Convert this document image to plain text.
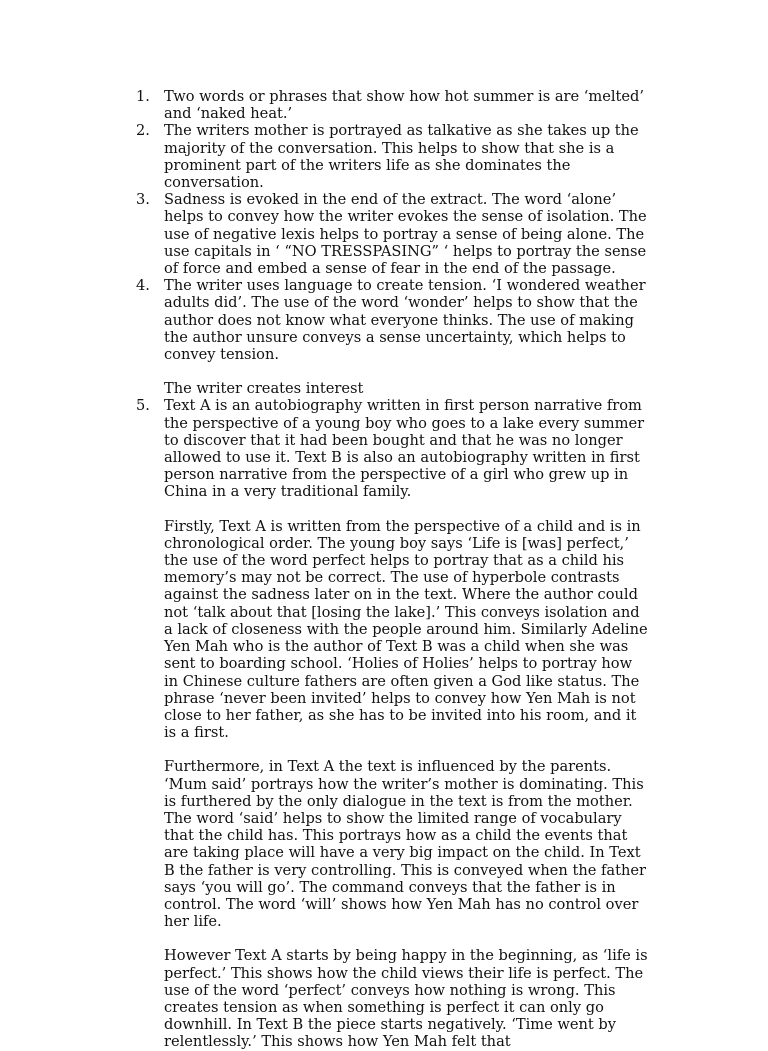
1. Two words or phrases that show how hot summer is are ‘melted’ and ‘naked heat.’
2. The writers mother is portrayed as talkative as she takes up the majority of the conversation. This helps to show that she is a prominent part of the writers life as she dominates the conversation.
3. Sadness is evoked in the end of the extract. The word ‘alone’ helps to convey how the writer evokes the sense of isolation. The use of negative lexis helps to portray a sense of being alone. The use capitals in ‘ “NO TRESSPASING” ‘ helps to portray the sense of force and embed a sense of fear in the end of the passage.
4. The writer uses language to create tension. ‘I wondered weather adults did’. The use of the word ‘wonder’ helps to show that the author does not know what everyone thinks. The use of making the author unsure conveys a sense uncertainty, which helps to convey tension.
The writer creates interest
5. Text A is an autobiography written in first person narrative from the perspective of a young boy who goes to a lake every summer to discover that it had been bought and that he was no longer allowed to use it. Text B is also an autobiography written in first person narrative from the perspective of a girl who grew up in China in a very traditional family.

Firstly, Text A is written from the perspective of a child and is in chronological order. The young boy says ‘Life is [was] perfect,’ the use of the word perfect helps to portray that as a child his memory’s may not be correct. The use of hyperbole contrasts against the sadness later on in the text. Where the author could not ‘talk about that [losing the lake].’ This conveys isolation and a lack of closeness with the people around him. Similarly Adeline Yen Mah who is the author of Text B was a child when she was sent to boarding school. ‘Holies of Holies’ helps to portray how in Chinese culture fathers are often given a God like status. The phrase ‘never been invited’ helps to convey how Yen Mah is not close to her father, as she has to be invited into his room, and it is a first.

Furthermore, in Text A the text is influenced by the parents. ‘Mum said’ portrays how the writer’s mother is dominating. This is furthered by the only dialogue in the text is from the mother. The word ‘said’ helps to show the limited range of vocabulary that the child has. This portrays how as a child the events that are taking place will have a very big impact on the child. In Text B the father is very controlling. This is conveyed when the father says ‘you will go’. The command conveys that the father is in control. The word ‘will’ shows how Yen Mah has no control over her life.

However Text A starts by being happy in the beginning, as ‘life is perfect.’ This shows how the child views their life is perfect. The use of the word ‘perfect’ conveys how nothing is wrong. This creates tension as when something is perfect it can only go downhill. In Text B the piece starts negatively. ‘Time went by relentlessly.’ This shows how Yen Mah felt that
